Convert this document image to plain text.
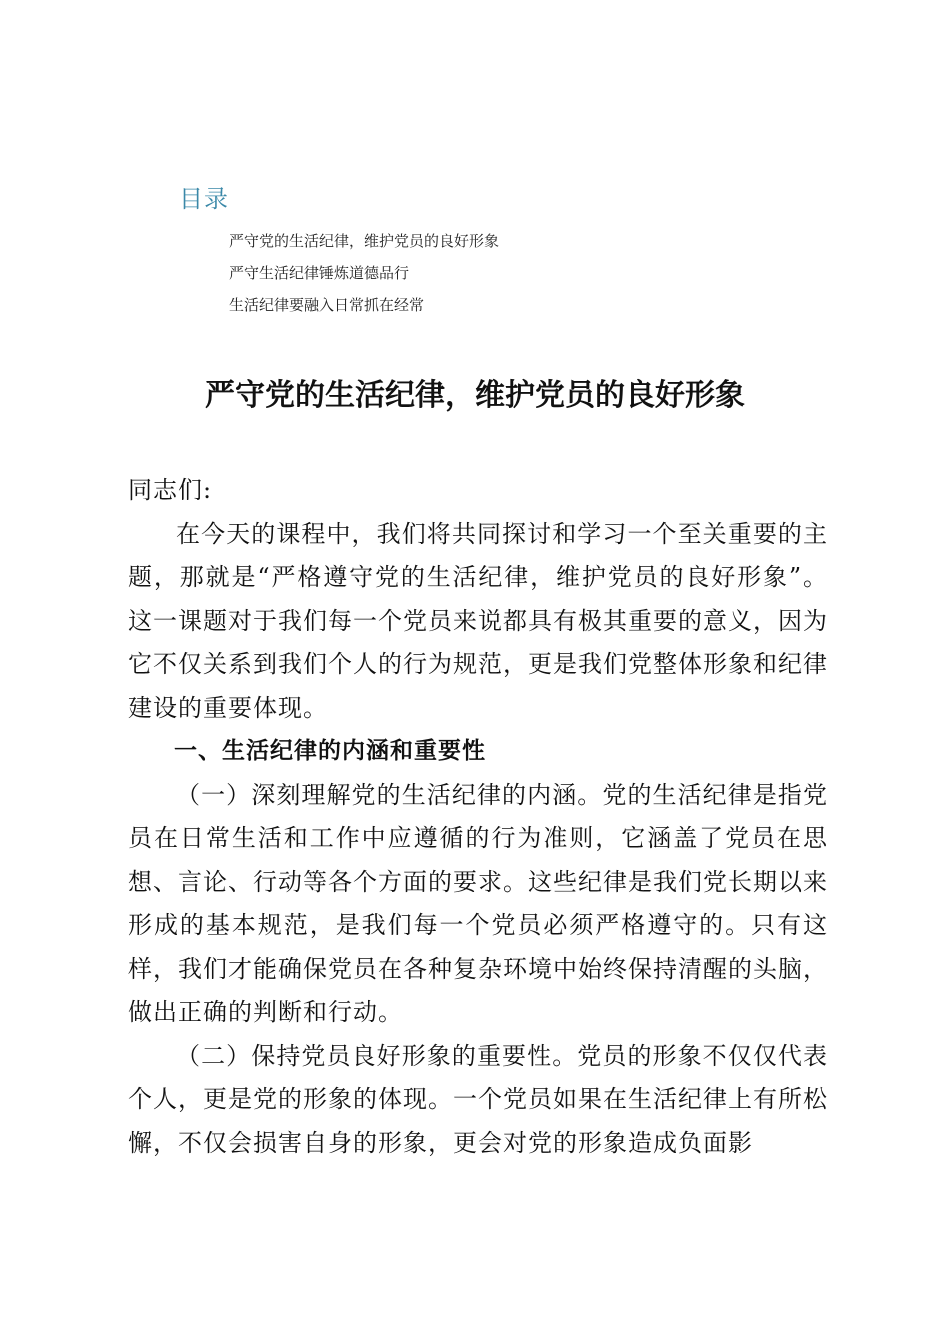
目录
严守党的生活纪律，维护党员的良好形象
严守生活纪律锤炼道德品行
生活纪律要融入日常抓在经常
严守党的生活纪律，维护党员的良好形象

同志们:

在今天的课程中，我们将共同探讨和学习一个至关重要的主题，那就是“严格遵守党的生活纪律，维护党员的良好形象”。这一课题对于我们每一个党员来说都具有极其重要的意义，因为它不仅关系到我们个人的行为规范，更是我们党整体形象和纪律建设的重要体现。

一、生活纪律的内涵和重要性

（一）深刻理解党的生活纪律的内涵。党的生活纪律是指党员在日常生活和工作中应遵循的行为准则，它涵盖了党员在思想、言论、行动等各个方面的要求。这些纪律是我们党长期以来形成的基本规范，是我们每一个党员必须严格遵守的。只有这样，我们才能确保党员在各种复杂环境中始终保持清醒的头脑，做出正确的判断和行动。

（二）保持党员良好形象的重要性。党员的形象不仅仅代表个人，更是党的形象的体现。一个党员如果在生活纪律上有所松懈，不仅会损害自身的形象，更会对党的形象造成负面影
